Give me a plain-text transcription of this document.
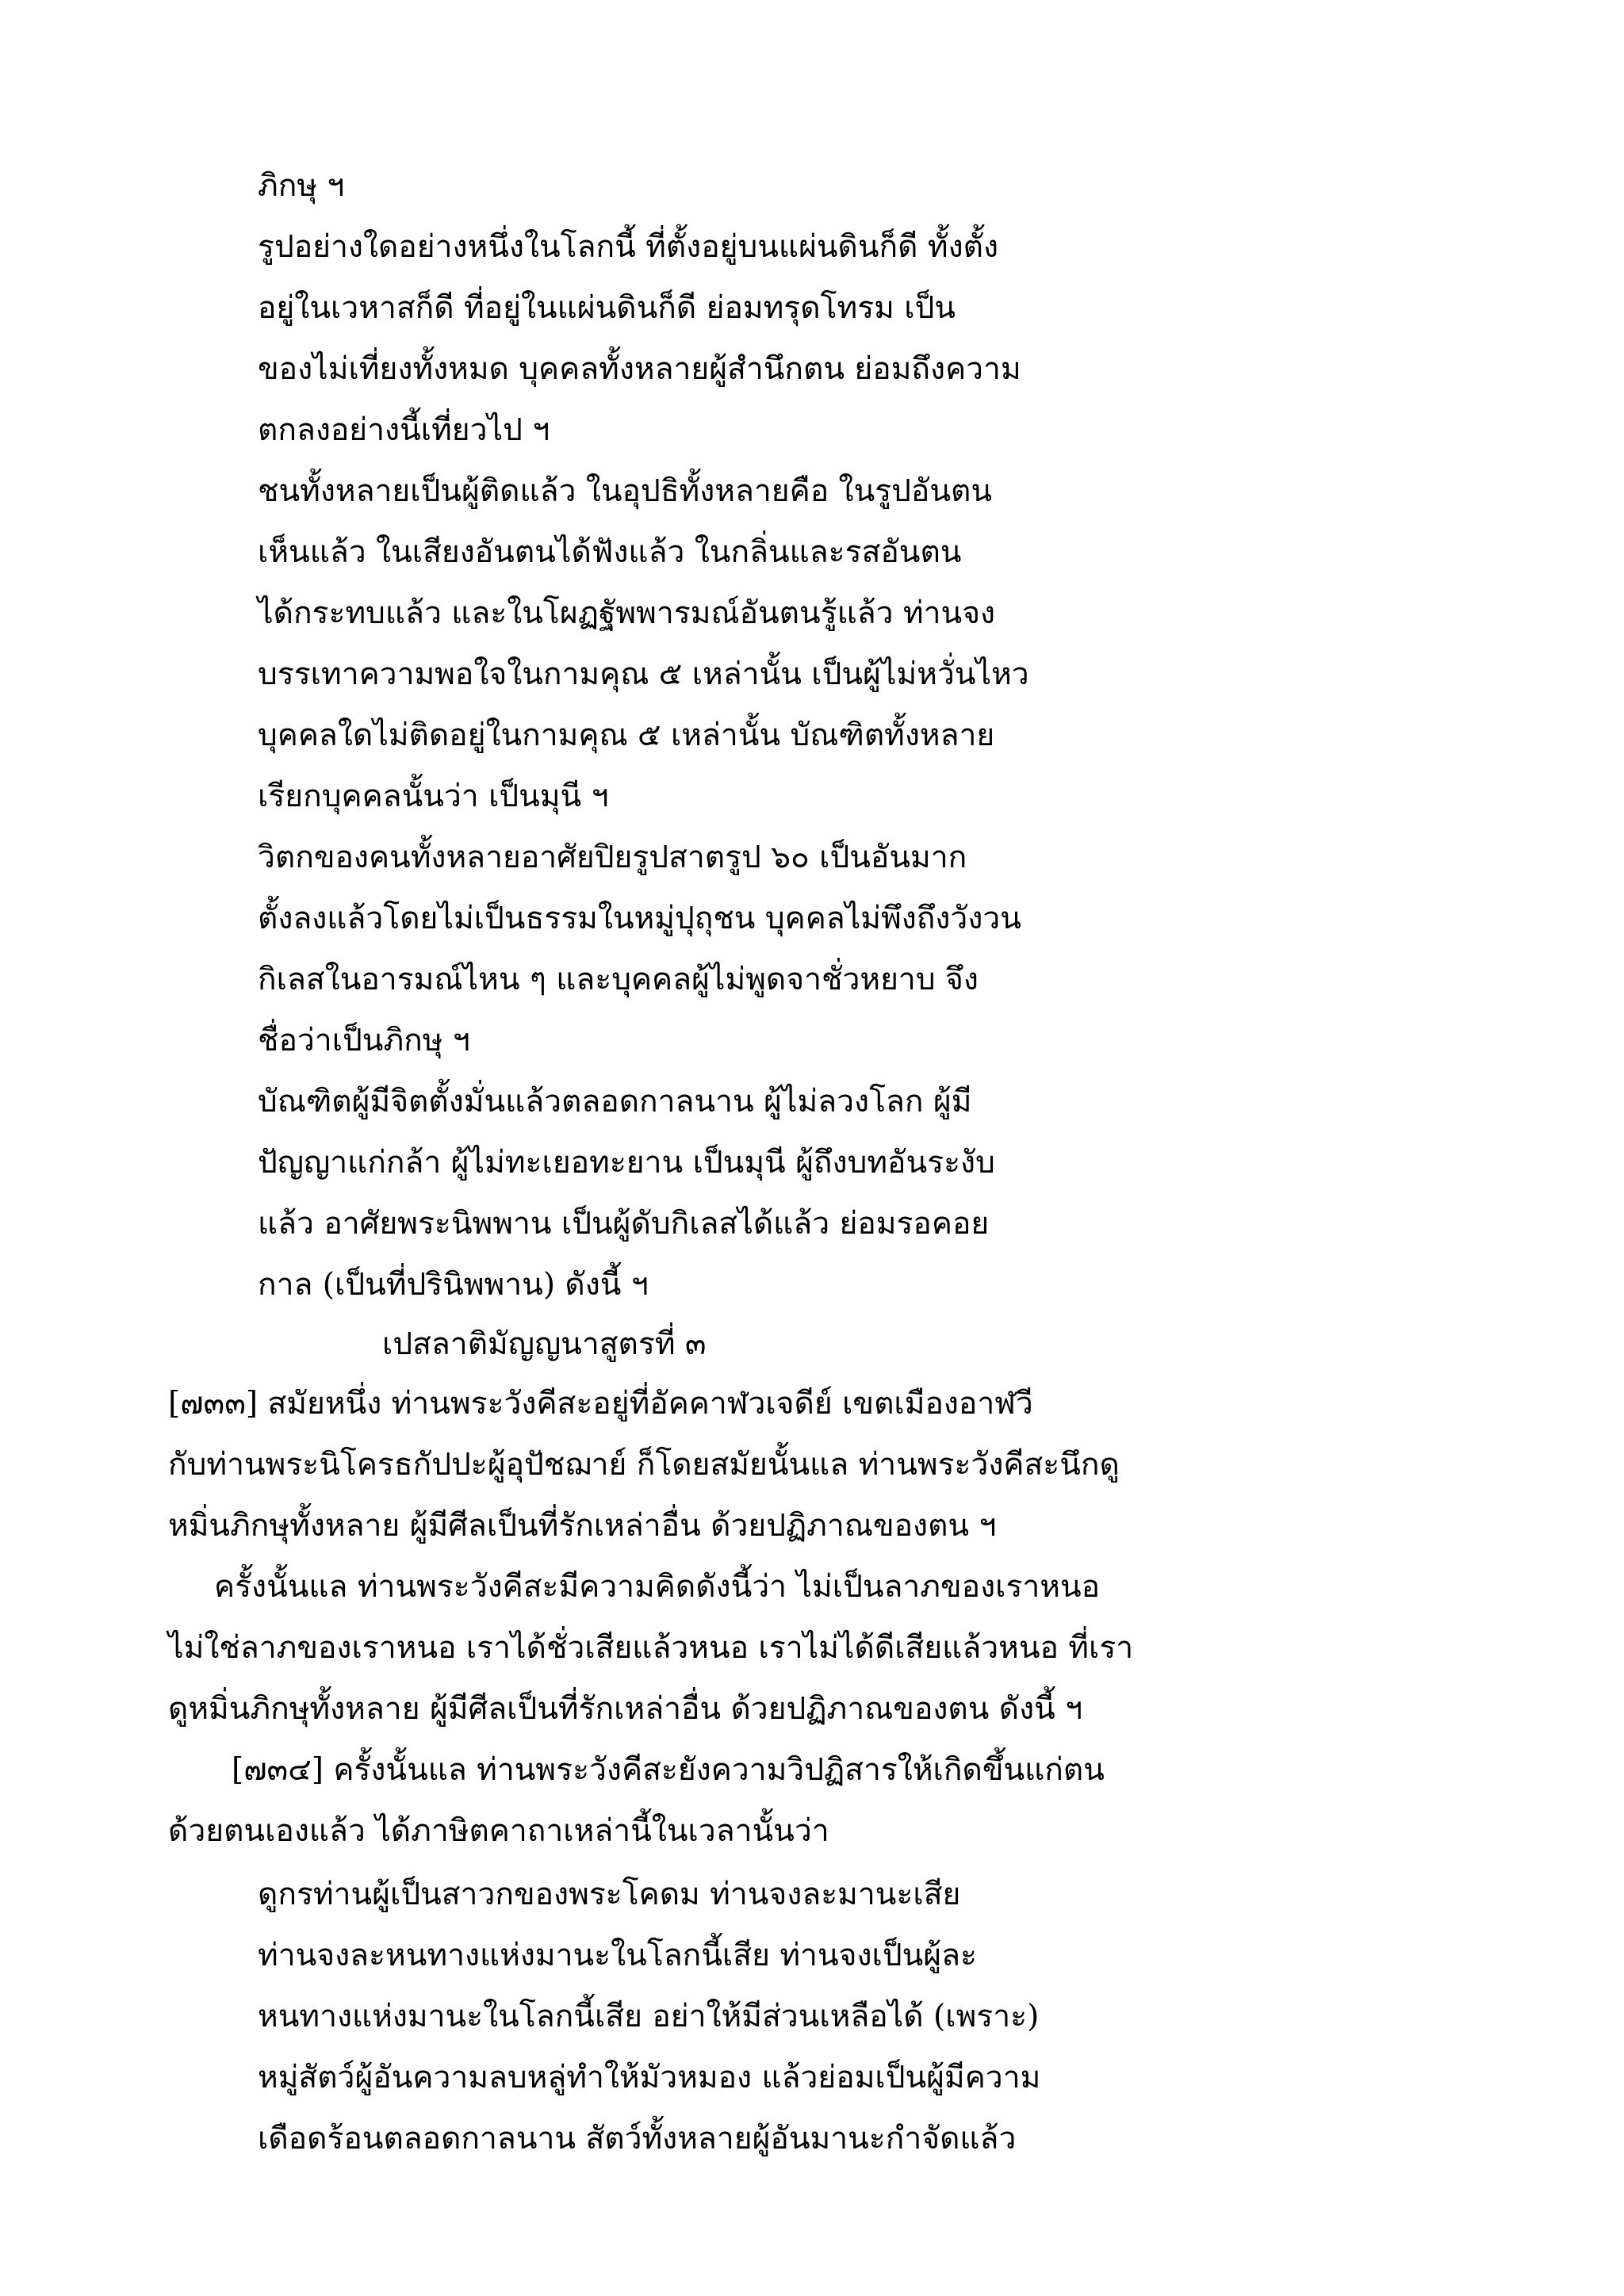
ภิกษุ ฯ
รูปอย่างใดอย่างหนึ่งในโลกนี้ ที่ตั้งอยู่บนแผ่นดินก็ดี ทั้งตั้ง
อยู่ในเวหาสก็ดี ที่อยู่ในแผ่นดินก็ดี ย่อมทรุดโทรม เป็น
ของไม่เที่ยงทั้งหมด บุคคลทั้งหลายผู้สำนึกตน ย่อมถึงความ
ตกลงอย่างนี้เที่ยวไป ฯ
ชนทั้งหลายเป็นผู้ติดแล้ว ในอุปธิทั้งหลายคือ ในรูปอันตน
เห็นแล้ว ในเสียงอันตนได้ฟังแล้ว ในกลิ่นและรสอันตน
ได้กระทบแล้ว และในโผฏฐัพพารมณ์อันตนรู้แล้ว ท่านจง
บรรเทาความพอใจในกามคุณ ๕ เหล่านั้น เป็นผู้ไม่หวั่นไหว
บุคคลใดไม่ติดอยู่ในกามคุณ ๕ เหล่านั้น บัณฑิตทั้งหลาย
เรียกบุคคลนั้นว่า เป็นมุนี ฯ
วิตกของคนทั้งหลายอาศัยปิยรูปสาตรูป ๖๐ เป็นอันมาก
ตั้งลงแล้วโดยไม่เป็นธรรมในหมู่ปุถุชน บุคคลไม่พึงถึงวังวน
กิเลสในอารมณ์ไหน ๆ และบุคคลผู้ไม่พูดจาชั่วหยาบ จึง
ชื่อว่าเป็นภิกษุ ฯ
บัณฑิตผู้มีจิตตั้งมั่นแล้วตลอดกาลนาน ผู้ไม่ลวงโลก ผู้มี
ปัญญาแก่กล้า ผู้ไม่ทะเยอทะยาน เป็นมุนี ผู้ถึงบทอันระงับ
แล้ว อาศัยพระนิพพาน เป็นผู้ดับกิเลสได้แล้ว ย่อมรอคอย
กาล (เป็นที่ปรินิพพาน) ดังนี้ ฯ
เปสลาติมัญญนาสูตรที่ ๓
[๗๓๓] สมัยหนึ่ง ท่านพระวังคีสะอยู่ที่อัคคาฬวเจดีย์ เขตเมืองอาฬวี
กับท่านพระนิโครธกัปปะผู้อุปัชฌาย์ ก็โดยสมัยนั้นแล ท่านพระวังคีสะนึกดู
หมิ่นภิกษุทั้งหลาย ผู้มีศีลเป็นที่รักเหล่าอื่น ด้วยปฏิภาณของตน ฯ
ครั้งนั้นแล ท่านพระวังคีสะมีความคิดดังนี้ว่า ไม่เป็นลาภของเราหนอ
ไม่ใช่ลาภของเราหนอ เราได้ชั่วเสียแล้วหนอ เราไม่ได้ดีเสียแล้วหนอ ที่เรา
ดูหมิ่นภิกษุทั้งหลาย ผู้มีศีลเป็นที่รักเหล่าอื่น ด้วยปฏิภาณของตน ดังนี้ ฯ
[๗๓๔] ครั้งนั้นแล ท่านพระวังคีสะยังความวิปฏิสารให้เกิดขึ้นแก่ตน
ด้วยตนเองแล้ว ได้ภาษิตคาถาเหล่านี้ในเวลานั้นว่า
ดูกรท่านผู้เป็นสาวกของพระโคดม ท่านจงละมานะเสีย
ท่านจงละหนทางแห่งมานะในโลกนี้เสีย ท่านจงเป็นผู้ละ
หนทางแห่งมานะในโลกนี้เสีย อย่าให้มีส่วนเหลือได้ (เพราะ)
หมู่สัตว์ผู้อันความลบหลู่ทำให้มัวหมอง แล้วย่อมเป็นผู้มีความ
เดือดร้อนตลอดกาลนาน สัตว์ทั้งหลายผู้อันมานะกำจัดแล้ว
